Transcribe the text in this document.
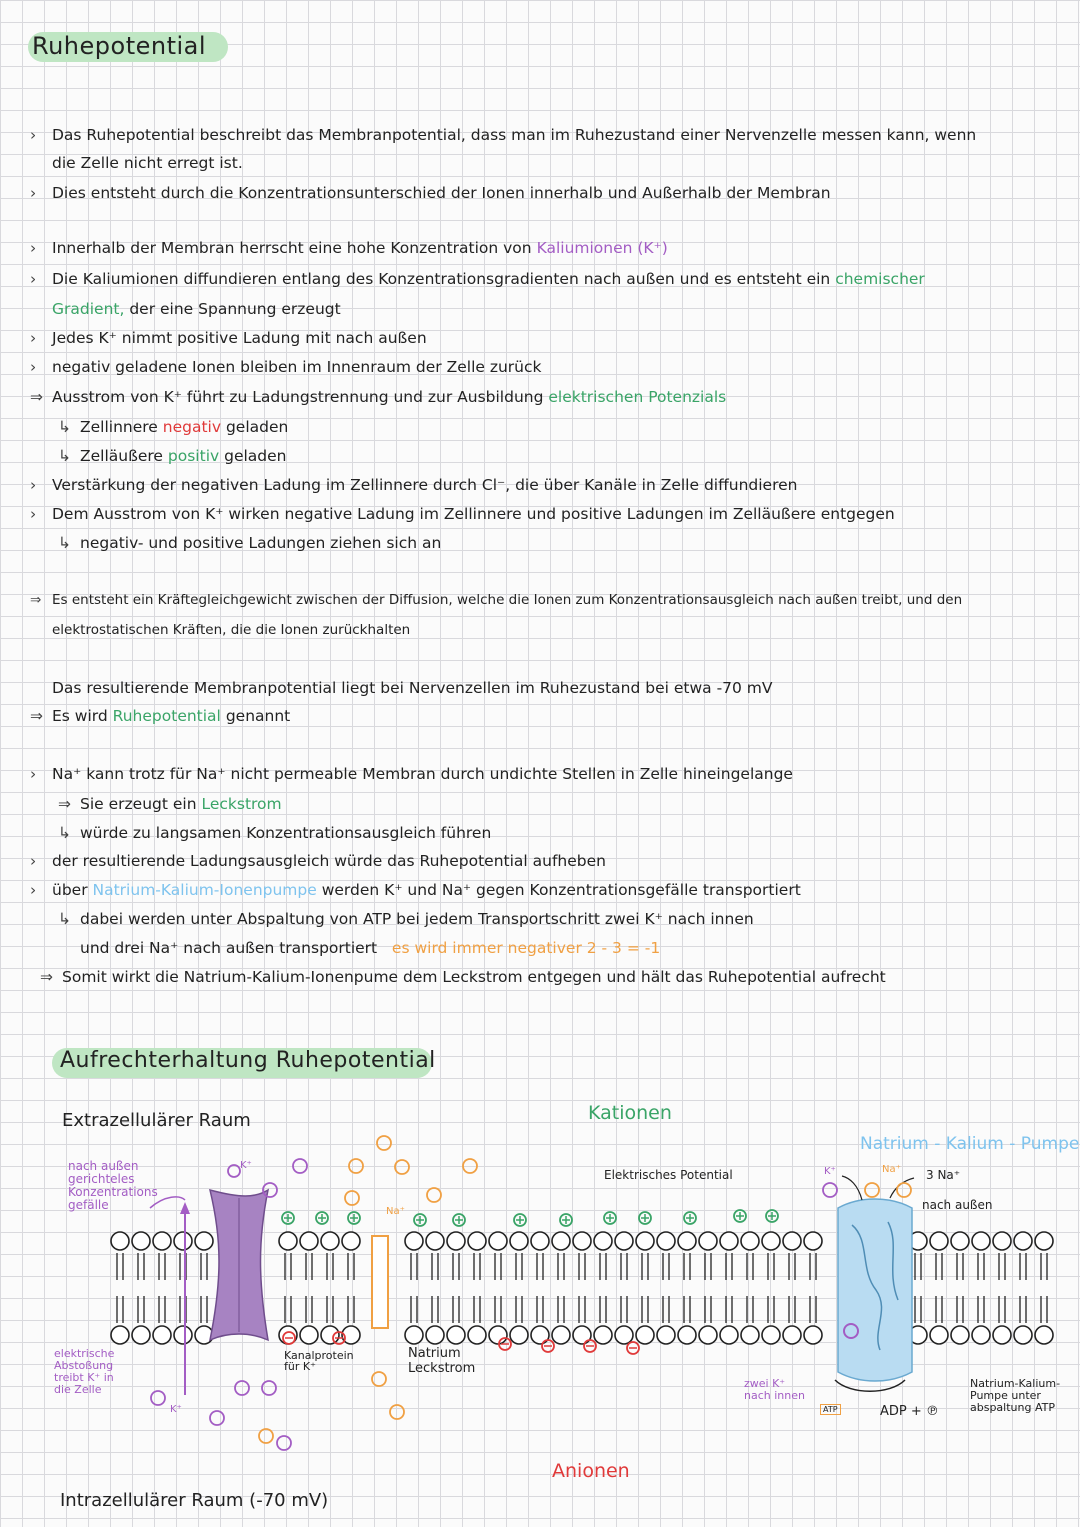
Ruhepotential
› Das Ruhepotential beschreibt das Membranpotential, dass man im Ruhezustand einer Nervenzelle messen kann, wenn
die Zelle nicht erregt ist.
› Dies entsteht durch die Konzentrationsunterschied der Ionen innerhalb und Außerhalb der Membran
› Innerhalb der Membran herrscht eine hohe Konzentration von Kaliumionen (K⁺)
› Die Kaliumionen diffundieren entlang des Konzentrationsgradienten nach außen und es entsteht ein chemischer
Gradient, der eine Spannung erzeugt
› Jedes K⁺ nimmt positive Ladung mit nach außen
› negativ geladene Ionen bleiben im Innenraum der Zelle zurück
⇒ Ausstrom von K⁺ führt zu Ladungstrennung und zur Ausbildung elektrischen Potenzials
↳ Zellinnere negativ geladen
↳ Zelläußere positiv geladen
› Verstärkung der negativen Ladung im Zellinnere durch Cl⁻, die über Kanäle in Zelle diffundieren
› Dem Ausstrom von K⁺ wirken negative Ladung im Zellinnere und positive Ladungen im Zelläußere entgegen
↳ negativ- und positive Ladungen ziehen sich an
⇒ Es entsteht ein Kräftegleichgewicht zwischen der Diffusion, welche die Ionen zum Konzentrationsausgleich nach außen treibt, und den
elektrostatischen Kräften, die die Ionen zurückhalten
Das resultierende Membranpotential liegt bei Nervenzellen im Ruhezustand bei etwa -70 mV
⇒ Es wird Ruhepotential genannt
› Na⁺ kann trotz für Na⁺ nicht permeable Membran durch undichte Stellen in Zelle hineingelange
⇒ Sie erzeugt ein Leckstrom
↳ würde zu langsamen Konzentrationsausgleich führen
› der resultierende Ladungsausgleich würde das Ruhepotential aufheben
› über Natrium-Kalium-Ionenpumpe werden K⁺ und Na⁺ gegen Konzentrationsgefälle transportiert
↳ dabei werden unter Abspaltung von ATP bei jedem Transportschritt zwei K⁺ nach innen
und drei Na⁺ nach außen transportiert es wird immer negativer 2 - 3 = -1
⇒ Somit wirkt die Natrium-Kalium-Ionenpume dem Leckstrom entgegen und hält das Ruhepotential aufrecht
Aufrechterhaltung Ruhepotential
Extrazellulärer Raum	Kationen
Natrium - Kalium - Pumpe
Elektrisches Potential
nach außen gerichteles Konzentrations gefälle
K⁺
Na⁺
K⁺	Na⁺ 3 Na⁺
nach außen
elektrische Abstoßung treibt K⁺ in die Zelle
K⁺
Kanalprotein für K⁺
Natrium Leckstrom
zwei K⁺ nach innen
ATP	ADP + ℗
Natrium-Kalium-Pumpe unter abspaltung ATP
Anionen
Intrazellulärer Raum (-70 mV)
